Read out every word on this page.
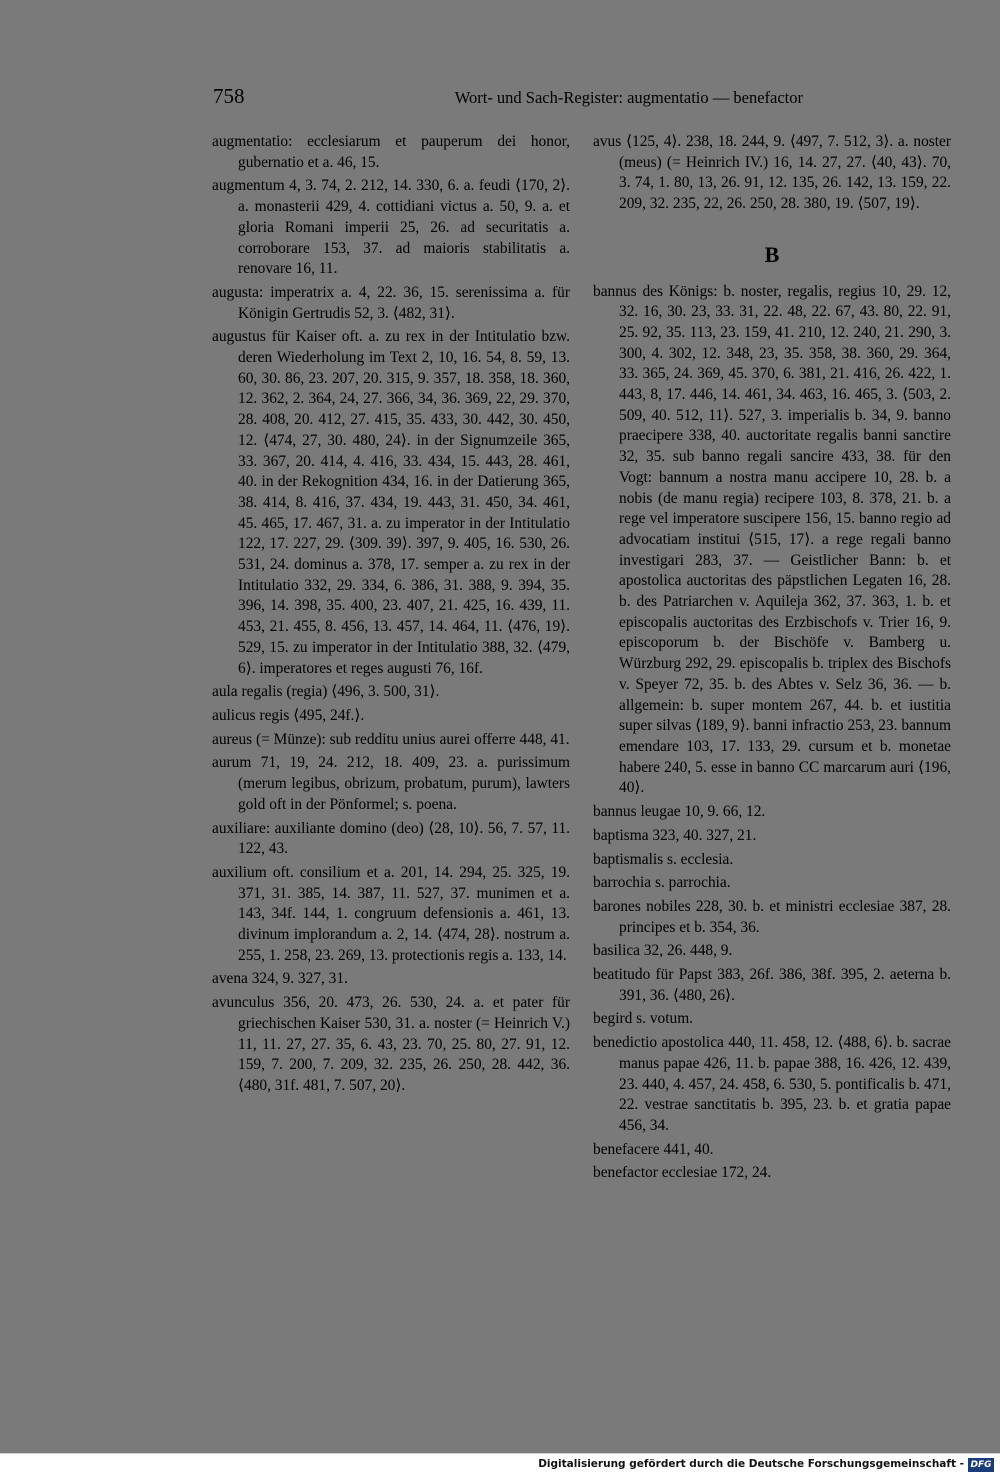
758	Wort- und Sach-Register: augmentatio — benefactor

augmentatio: ecclesiarum et pauperum dei honor, gubernatio et a. 46, 15.

augmentum 4, 3. 74, 2. 212, 14. 330, 6. a. feudi ⟨170, 2⟩. a. monasterii 429, 4. cottidiani victus a. 50, 9. a. et gloria Romani imperii 25, 26. ad securitatis a. corroborare 153, 37. ad maioris stabilitatis a. renovare 16, 11.

augusta: imperatrix a. 4, 22. 36, 15. serenissima a. für Königin Gertrudis 52, 3. ⟨482, 31⟩.

augustus für Kaiser oft. a. zu rex in der Intitulatio bzw. deren Wiederholung im Text 2, 10, 16. 54, 8. 59, 13. 60, 30. 86, 23. 207, 20. 315, 9. 357, 18. 358, 18. 360, 12. 362, 2. 364, 24, 27. 366, 34, 36. 369, 22, 29. 370, 28. 408, 20. 412, 27. 415, 35. 433, 30. 442, 30. 450, 12. ⟨474, 27, 30. 480, 24⟩. in der Signumzeile 365, 33. 367, 20. 414, 4. 416, 33. 434, 15. 443, 28. 461, 40. in der Rekognition 434, 16. in der Datierung 365, 38. 414, 8. 416, 37. 434, 19. 443, 31. 450, 34. 461, 45. 465, 17. 467, 31. a. zu imperator in der Intitulatio 122, 17. 227, 29. ⟨309. 39⟩. 397, 9. 405, 16. 530, 26. 531, 24. dominus a. 378, 17. semper a. zu rex in der Intitulatio 332, 29. 334, 6. 386, 31. 388, 9. 394, 35. 396, 14. 398, 35. 400, 23. 407, 21. 425, 16. 439, 11. 453, 21. 455, 8. 456, 13. 457, 14. 464, 11. ⟨476, 19⟩. 529, 15. zu imperator in der Intitulatio 388, 32. ⟨479, 6⟩. imperatores et reges augusti 76, 16f.

aula regalis (regia) ⟨496, 3. 500, 31⟩.

aulicus regis ⟨495, 24f.⟩.

aureus (= Münze): sub redditu unius aurei offerre 448, 41.

aurum 71, 19, 24. 212, 18. 409, 23. a. purissimum (merum legibus, obrizum, probatum, purum), lawters gold oft in der Pönformel; s. poena.

auxiliare: auxiliante domino (deo) ⟨28, 10⟩. 56, 7. 57, 11. 122, 43.

auxilium oft. consilium et a. 201, 14. 294, 25. 325, 19. 371, 31. 385, 14. 387, 11. 527, 37. munimen et a. 143, 34f. 144, 1. congruum defensionis a. 461, 13. divinum implorandum a. 2, 14. ⟨474, 28⟩. nostrum a. 255, 1. 258, 23. 269, 13. protectionis regis a. 133, 14.

avena 324, 9. 327, 31.

avunculus 356, 20. 473, 26. 530, 24. a. et pater für griechischen Kaiser 530, 31. a. noster (= Heinrich V.) 11, 11. 27, 27. 35, 6. 43, 23. 70, 25. 80, 27. 91, 12. 159, 7. 200, 7. 209, 32. 235, 26. 250, 28. 442, 36. ⟨480, 31f. 481, 7. 507, 20⟩.

avus ⟨125, 4⟩. 238, 18. 244, 9. ⟨497, 7. 512, 3⟩. a. noster (meus) (= Heinrich IV.) 16, 14. 27, 27. ⟨40, 43⟩. 70, 3. 74, 1. 80, 13, 26. 91, 12. 135, 26. 142, 13. 159, 22. 209, 32. 235, 22, 26. 250, 28. 380, 19. ⟨507, 19⟩.

B

bannus des Königs: b. noster, regalis, regius 10, 29. 12, 32. 16, 30. 23, 33. 31, 22. 48, 22. 67, 43. 80, 22. 91, 25. 92, 35. 113, 23. 159, 41. 210, 12. 240, 21. 290, 3. 300, 4. 302, 12. 348, 23, 35. 358, 38. 360, 29. 364, 33. 365, 24. 369, 45. 370, 6. 381, 21. 416, 26. 422, 1. 443, 8, 17. 446, 14. 461, 34. 463, 16. 465, 3. ⟨503, 2. 509, 40. 512, 11⟩. 527, 3. imperialis b. 34, 9. banno praecipere 338, 40. auctoritate regalis banni sanctire 32, 35. sub banno regali sancire 433, 38. für den Vogt: bannum a nostra manu accipere 10, 28. b. a nobis (de manu regia) recipere 103, 8. 378, 21. b. a rege vel imperatore suscipere 156, 15. banno regio ad advocatiam institui ⟨515, 17⟩. a rege regali banno investigari 283, 37. — Geistlicher Bann: b. et apostolica auctoritas des päpstlichen Legaten 16, 28. b. des Patriarchen v. Aquileja 362, 37. 363, 1. b. et episcopalis auctoritas des Erzbischofs v. Trier 16, 9. episcoporum b. der Bischöfe v. Bamberg u. Würzburg 292, 29. episcopalis b. triplex des Bischofs v. Speyer 72, 35. b. des Abtes v. Selz 36, 36. — b. allgemein: b. super montem 267, 44. b. et iustitia super silvas ⟨189, 9⟩. banni infractio 253, 23. bannum emendare 103, 17. 133, 29. cursum et b. monetae habere 240, 5. esse in banno CC marcarum auri ⟨196, 40⟩.

bannus leugae 10, 9. 66, 12.

baptisma 323, 40. 327, 21.

baptismalis s. ecclesia.

barrochia s. parrochia.

barones nobiles 228, 30. b. et ministri ecclesiae 387, 28. principes et b. 354, 36.

basilica 32, 26. 448, 9.

beatitudo für Papst 383, 26f. 386, 38f. 395, 2. aeterna b. 391, 36. ⟨480, 26⟩.

begird s. votum.

benedictio apostolica 440, 11. 458, 12. ⟨488, 6⟩. b. sacrae manus papae 426, 11. b. papae 388, 16. 426, 12. 439, 23. 440, 4. 457, 24. 458, 6. 530, 5. pontificalis b. 471, 22. vestrae sanctitatis b. 395, 23. b. et gratia papae 456, 34.

benefacere 441, 40.

benefactor ecclesiae 172, 24.

Digitalisierung gefördert durch die Deutsche Forschungsgemeinschaft - DFG
